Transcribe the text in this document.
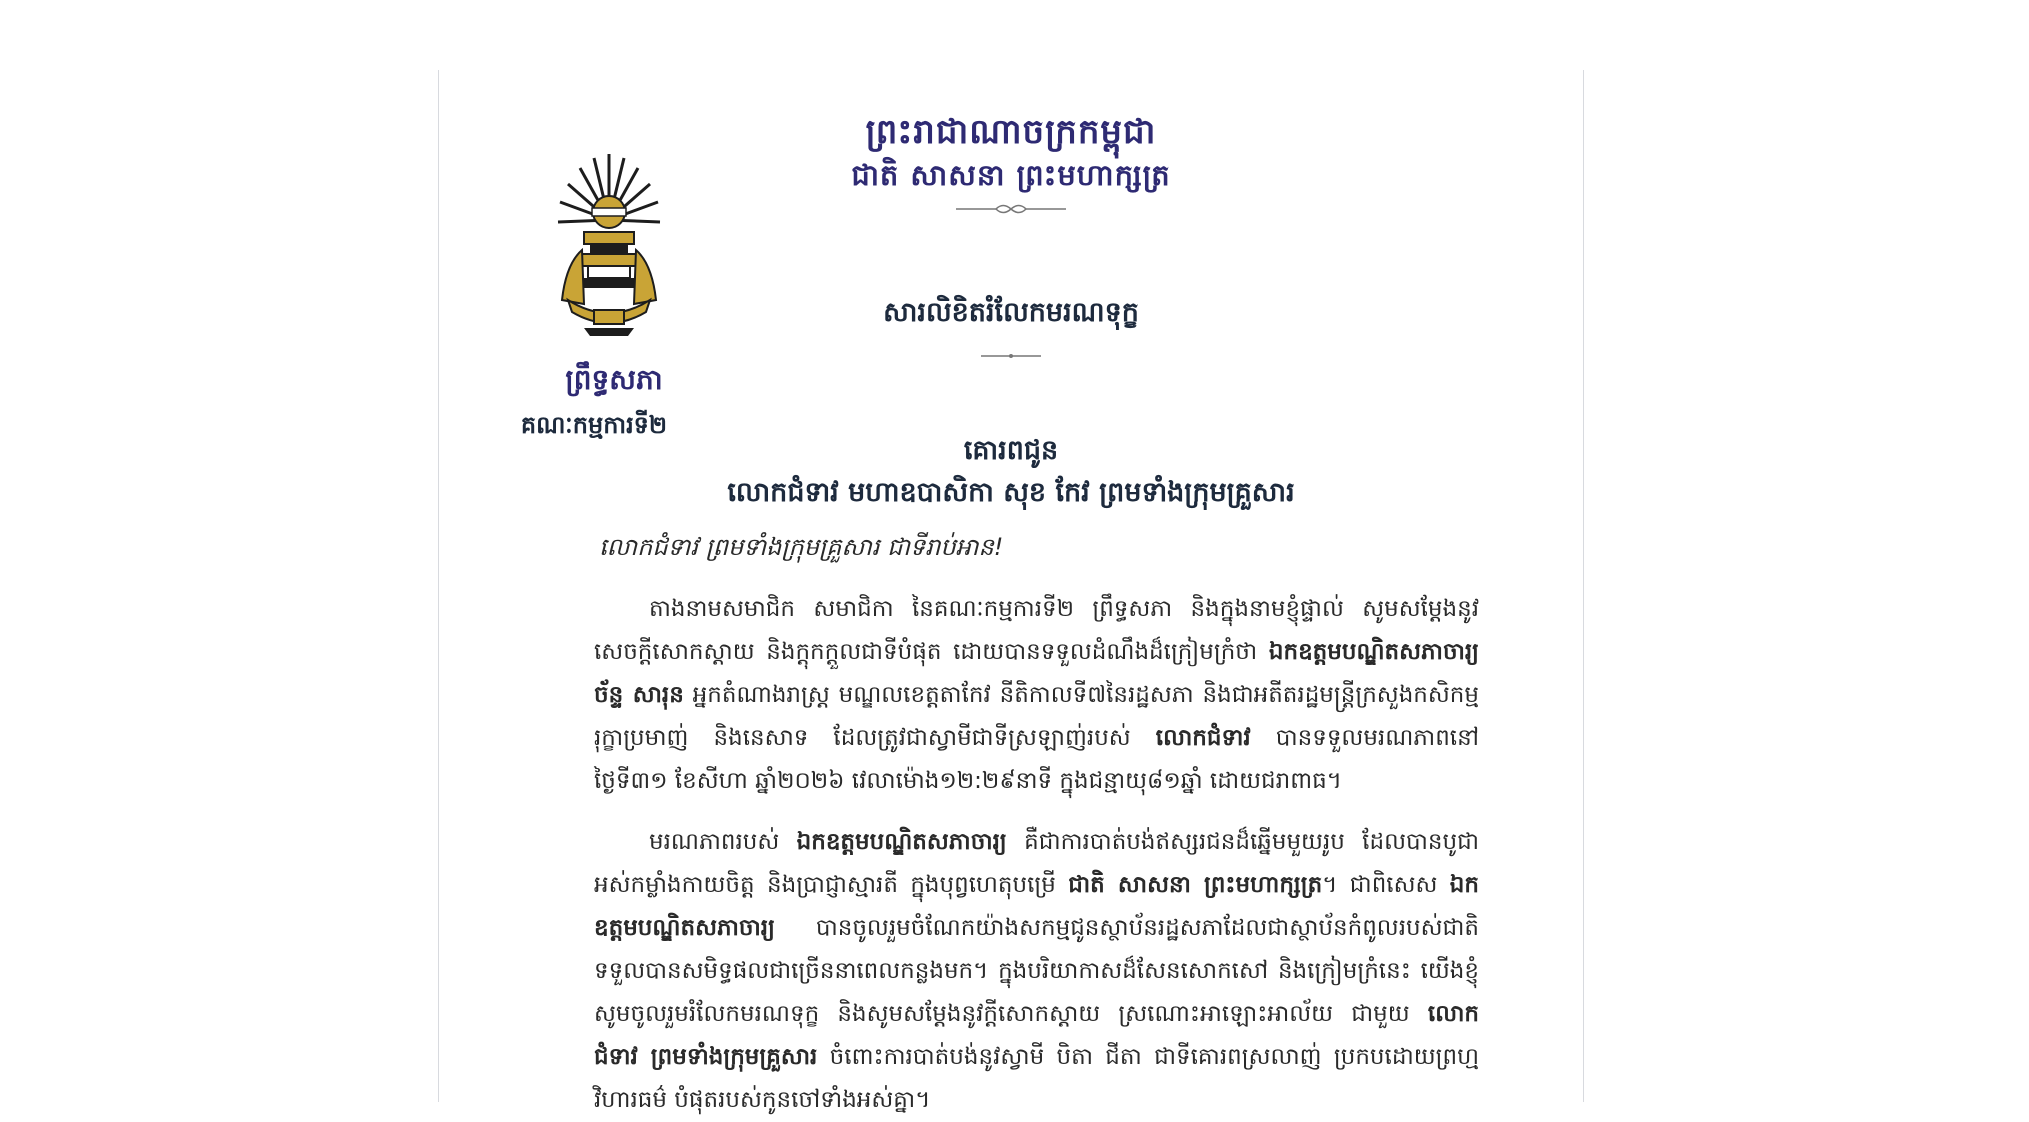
ព្រះរាជាណាចក្រកម្ពុជា
ជាតិ សាសនា ព្រះមហាក្សត្រ
ព្រឹទ្ធសភា
គណៈកម្មការទី២
សារលិខិតរំលែកមរណទុក្ខ
គោរពជូន
លោកជំទាវ មហាឧបាសិកា សុខ កែវ ព្រមទាំងក្រុមគ្រួសារ
លោកជំទាវ ព្រមទាំងក្រុមគ្រួសារ ជាទីរាប់អាន!

តាងនាមសមាជិក សមាជិកា នៃគណៈកម្មការទី២ ព្រឹទ្ធសភា និងក្នុងនាមខ្ញុំផ្ទាល់ សូមសម្ដែងនូវសេចក្ដីសោកស្ដាយ និងក្ដុកក្ដួលជាទីបំផុត ដោយបានទទួលដំណឹងដ៏ក្រៀមក្រំថា ឯកឧត្តមបណ្ឌិតសភាចារ្យ ច័ន្ទ សារុន អ្នកតំណាងរាស្ត្រ មណ្ឌលខេត្តតាកែវ នីតិកាលទី៧នៃរដ្ឋសភា និងជាអតីតរដ្ឋមន្ត្រីក្រសួងកសិកម្ម រុក្ខាប្រមាញ់ និងនេសាទ ដែលត្រូវជាស្វាមីជាទីស្រឡាញ់របស់ លោកជំទាវ បានទទួលមរណភាពនៅថ្ងៃទី៣១ ខែសីហា ឆ្នាំ២០២៦ វេលាម៉ោង១២:២៩នាទី ក្នុងជន្មាយុ៨១ឆ្នាំ ដោយជរាពាធ។

មរណភាពរបស់ ឯកឧត្តមបណ្ឌិតសភាចារ្យ គឺជាការបាត់បង់ឥស្សរជនដ៏ឆ្នើមមួយរូប ដែលបានបូជាអស់កម្លាំងកាយចិត្ត និងប្រាជ្ញាស្មារតី ក្នុងបុព្វហេតុបម្រើ ជាតិ សាសនា ព្រះមហាក្សត្រ។ ជាពិសេស ឯកឧត្តមបណ្ឌិតសភាចារ្យ បានចូលរួមចំណែកយ៉ាងសកម្មជូនស្ថាប័នរដ្ឋសភាដែលជាស្ថាប័នកំពូលរបស់ជាតិ ទទួលបានសមិទ្ធផលជាច្រើននាពេលកន្លងមក។ ក្នុងបរិយាកាសដ៏សែនសោកសៅ និងក្រៀមក្រំនេះ យើងខ្ញុំសូមចូលរួមរំលែកមរណទុក្ខ និងសូមសម្ដែងនូវក្ដីសោកស្ដាយ ស្រណោះអាឡោះអាល័យ ជាមួយ លោកជំទាវ ព្រមទាំងក្រុមគ្រួសារ ចំពោះការបាត់បង់នូវស្វាមី បិតា ជីតា ជាទីគោរពស្រលាញ់ ប្រកបដោយព្រហ្មវិហារធម៌ បំផុតរបស់កូនចៅទាំងអស់គ្នា។
